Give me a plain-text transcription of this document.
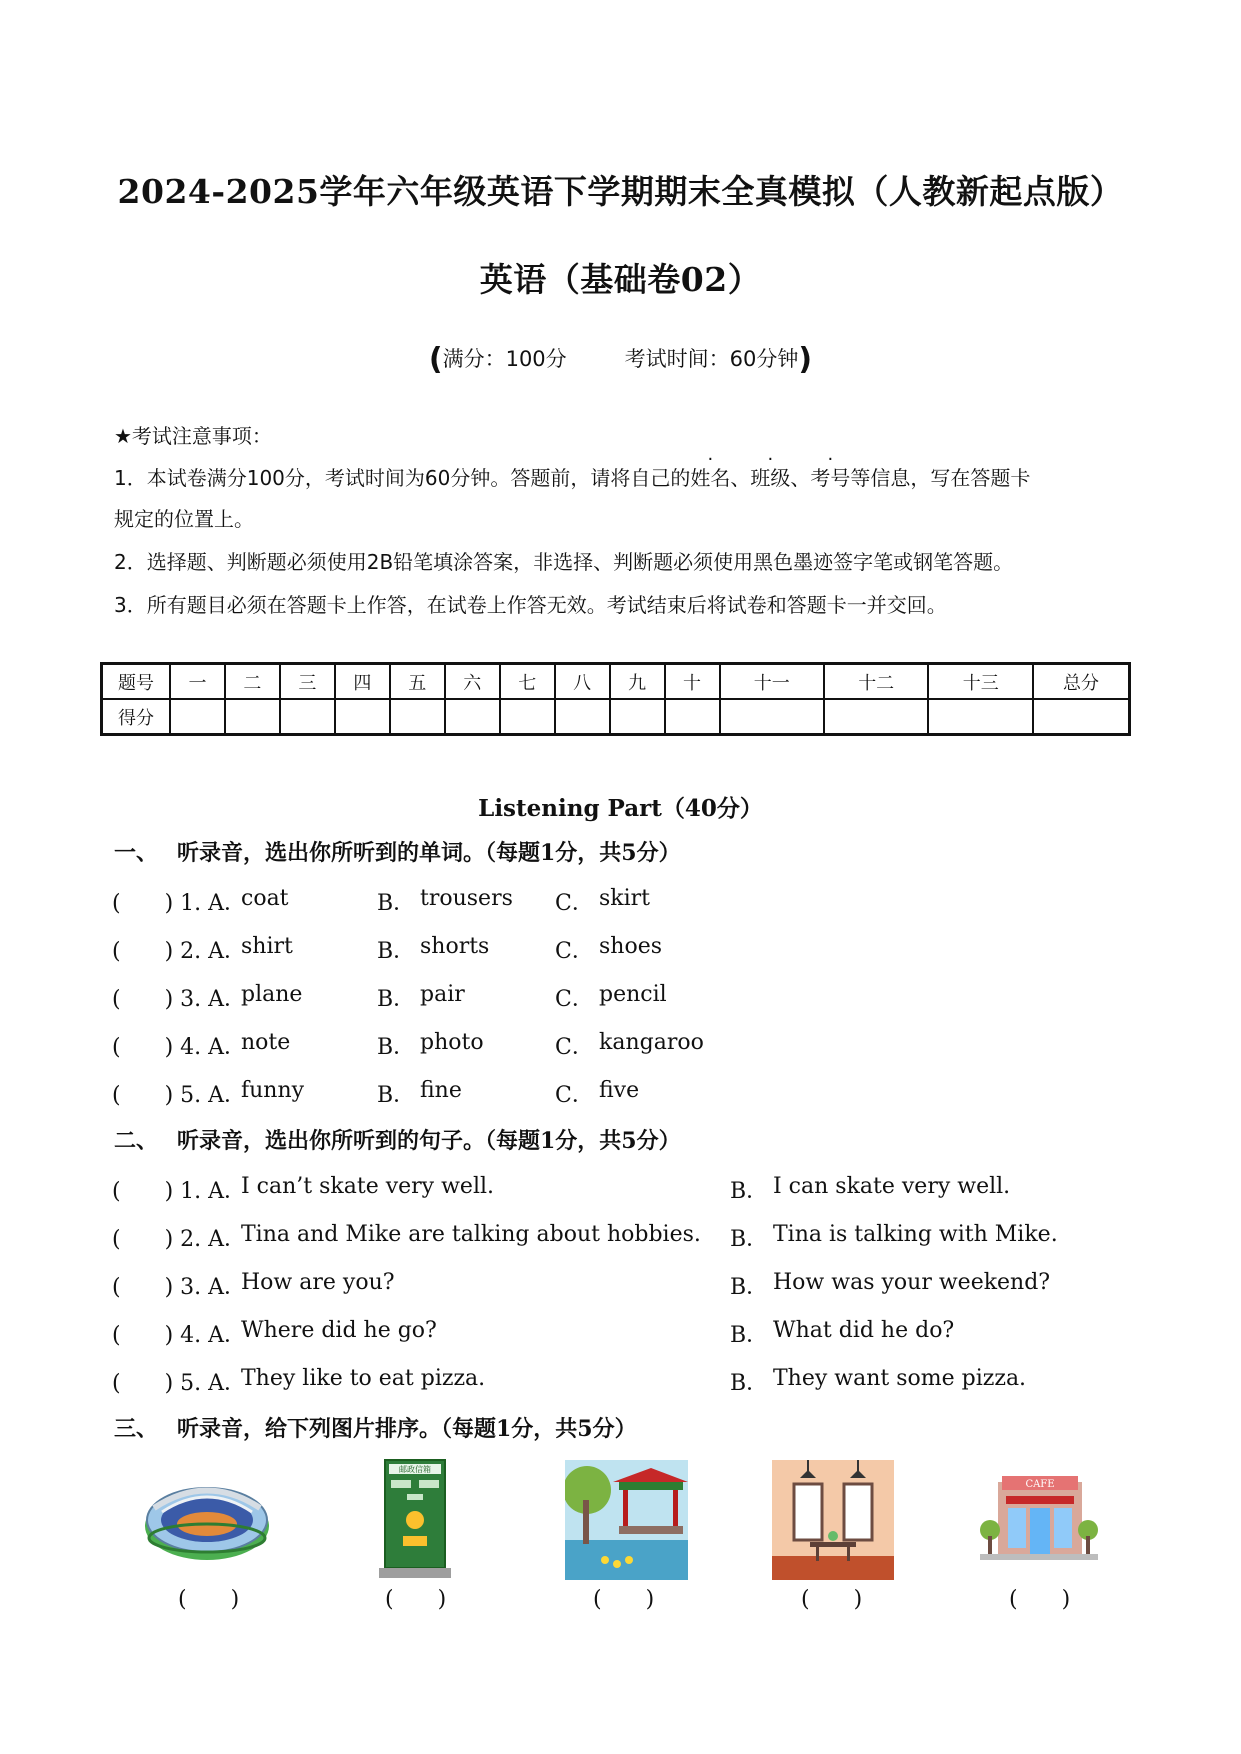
2024-2025学年六年级英语下学期期末全真模拟（人教新起点版）
英语（基础卷02）
(满分：100分	考试时间：60分钟)
★考试注意事项：
1．本试卷满分100分，考试时间为60分钟。答题前，请将自己的姓名、班级、考号等信息，写在答题卡
规定的位置上。
2．选择题、判断题必须使用2B铅笔填涂答案，非选择、判断题必须使用黑色墨迹签字笔或钢笔答题。
3．所有题目必须在答题卡上作答，在试卷上作答无效。考试结束后将试卷和答题卡一并交回。
题号	一	二	三	四	五	六	七	八	九	十	十一	十二	十三	总分
得分														
Listening Part（40分）
一、 听录音，选出你所听到的单词。（每题1分，共5分）
(　　) 1. A．
coat	B． trousers C． skirt
(　　) 2. A．
shirt	B． shorts	C． shoes
(　　) 3. A．
plane	B． pair	C． pencil
(　　) 4. A．
note	B． photo	C． kangaroo
(　　) 5. A．
funny	B． fine	C． five
二、 听录音，选出你所听到的句子。（每题1分，共5分）
(　　) 1. A．
I can’t skate very well.	B． I can skate very well.
(　　) 2. A．
Tina and Mike are talking about hobbies. B． Tina is talking with Mike.
(　　) 3. A．
How are you?	B． How was your weekend?
(　　) 4. A．
Where did he go?	B． What did he do?
(　　) 5. A．
They like to eat pizza.	B． They want some pizza.
三、 听录音，给下列图片排序。（每题1分，共5分）
(　　)
邮政信箱
(　　)	(　　)	(　　)
CAFE
(　　)
